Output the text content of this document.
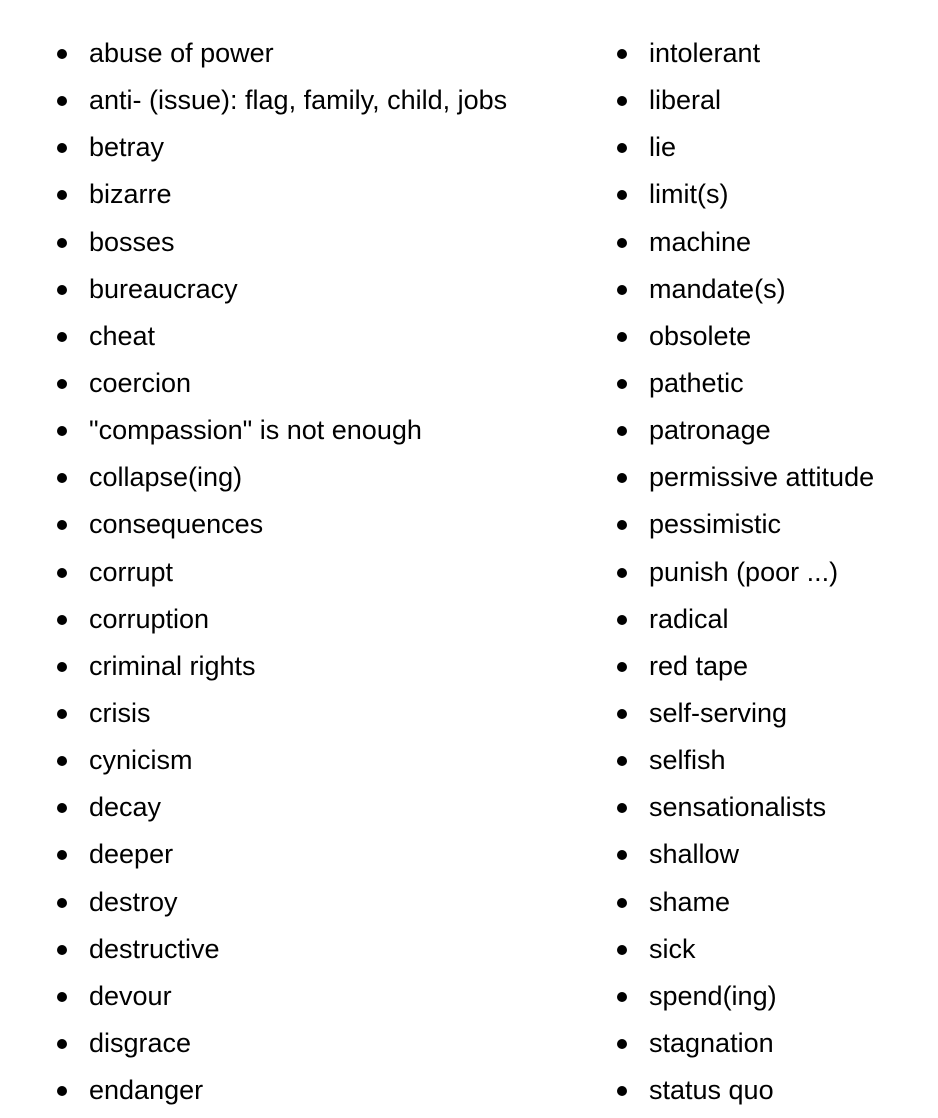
abuse of power
anti- (issue): flag, family, child, jobs
betray
bizarre
bosses
bureaucracy
cheat
coercion
"compassion" is not enough
collapse(ing)
consequences
corrupt
corruption
criminal rights
crisis
cynicism
decay
deeper
destroy
destructive
devour
disgrace
endanger
intolerant
liberal
lie
limit(s)
machine
mandate(s)
obsolete
pathetic
patronage
permissive attitude
pessimistic
punish (poor ...)
radical
red tape
self-serving
selfish
sensationalists
shallow
shame
sick
spend(ing)
stagnation
status quo
